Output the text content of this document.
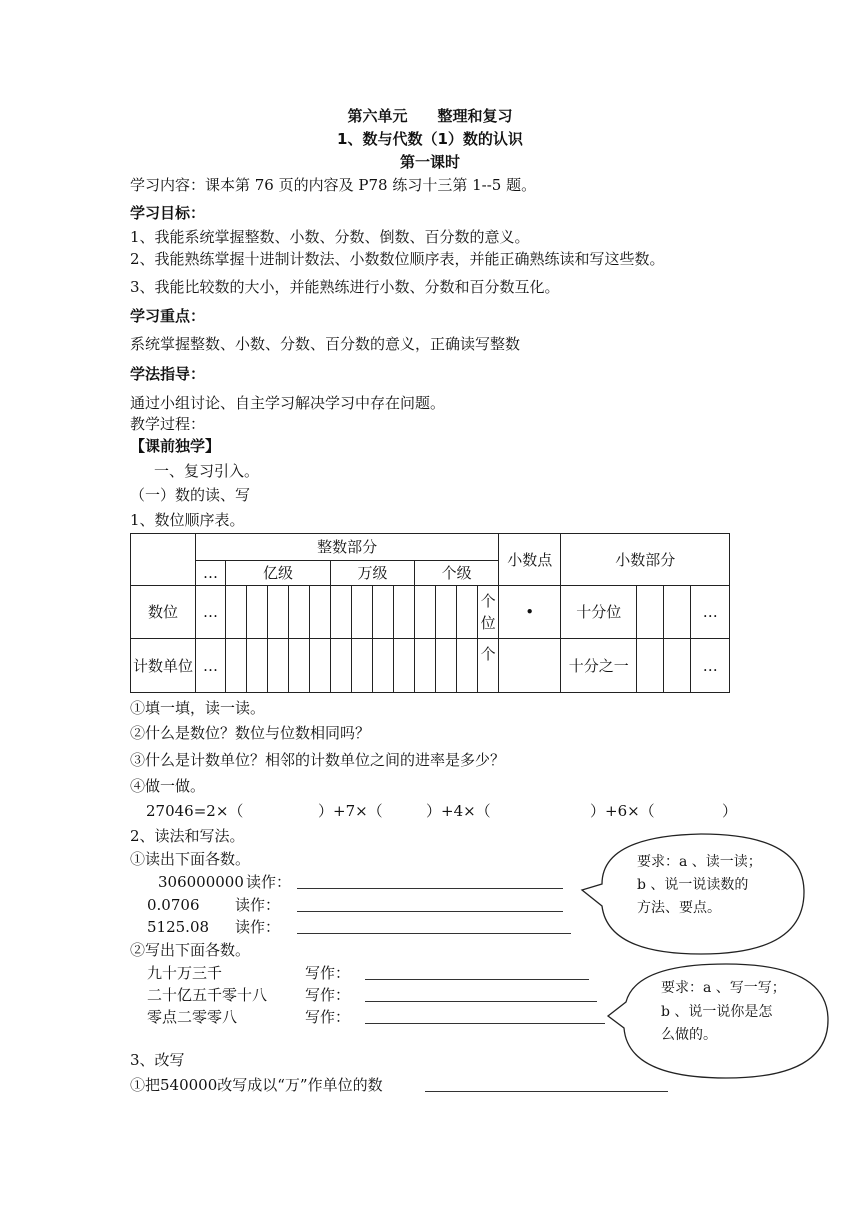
第六单元　　整理和复习
1、数与代数（1）数的认识
第一课时
学习内容：课本第 76 页的内容及 P78 练习十三第 1--5 题。
学习目标：
1、我能系统掌握整数、小数、分数、倒数、百分数的意义。
2、我能熟练掌握十进制计数法、小数数位顺序表，并能正确熟练读和写这些数。
3、我能比较数的大小，并能熟练进行小数、分数和百分数互化。
学习重点：
系统掌握整数、小数、分数、百分数的意义，正确读写整数
学法指导：
通过小组讨论、自主学习解决学习中存在问题。
教学过程：
【课前独学】
一、复习引入。
（一）数的读、写
1、数位顺序表。
	整数部分														小数点	小数部分			
	…	亿级					万级				个级								
数位	…													个位	•	十分位			…
计数单位	…													个		十分之一			…
①填一填，读一读。
②什么是数位？数位与位数相同吗？
③什么是计数单位？相邻的计数单位之间的进率是多少？
④做一做。
27046=2×（	）+7×（	）+4×（	）+6×（	）
2、读法和写法。
①读出下面各数。
306000000 读作：
0.0706 读作：
5125.08 读作：
②写出下面各数。
九十万三千	写作：
二十亿五千零十八	写作：
零点二零零八	写作：
要求：a 、读一读；
b 、说一说读数的
方法、要点。
要求：a 、写一写；
b 、说一说你是怎
么做的。
3、改写
①把540000改写成以“万”作单位的数
